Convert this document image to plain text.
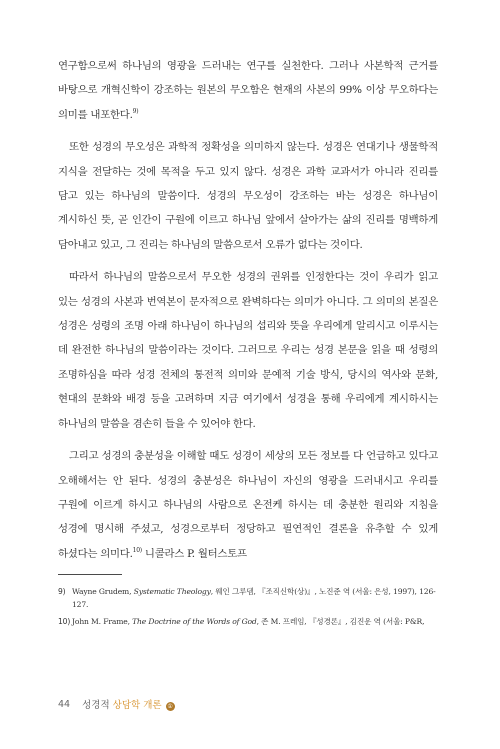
연구함으로써 하나님의 영광을 드러내는 연구를 실천한다. 그러나 사본학적 근거를 바탕으로 개혁신학이 강조하는 원본의 무오함은 현재의 사본의 99% 이상 무오하다는 의미를 내포한다.$^{9)}$

또한 성경의 무오성은 과학적 정확성을 의미하지 않는다. 성경은 연대기나 생물학적 지식을 전달하는 것에 목적을 두고 있지 않다. 성경은 과학 교과서가 아니라 진리를 담고 있는 하나님의 말씀이다. 성경의 무오성이 강조하는 바는 성경은 하나님이 계시하신 뜻, 곧 인간이 구원에 이르고 하나님 앞에서 살아가는 삶의 진리를 명백하게 담아내고 있고, 그 진리는 하나님의 말씀으로서 오류가 없다는 것이다.

따라서 하나님의 말씀으로서 무오한 성경의 권위를 인정한다는 것이 우리가 읽고 있는 성경의 사본과 번역본이 문자적으로 완벽하다는 의미가 아니다. 그 의미의 본질은 성경은 성령의 조명 아래 하나님이 하나님의 섭리와 뜻을 우리에게 알리시고 이루시는 데 완전한 하나님의 말씀이라는 것이다. 그러므로 우리는 성경 본문을 읽을 때 성령의 조명하심을 따라 성경 전체의 통전적 의미와 문예적 기술 방식, 당시의 역사와 문화, 현대의 문화와 배경 등을 고려하며 지금 여기에서 성경을 통해 우리에게 계시하시는 하나님의 말씀을 겸손히 들을 수 있어야 한다.

그리고 성경의 충분성을 이해할 때도 성경이 세상의 모든 정보를 다 언급하고 있다고 오해해서는 안 된다. 성경의 충분성은 하나님이 자신의 영광을 드러내시고 우리를 구원에 이르게 하시고 하나님의 사람으로 온전케 하시는 데 충분한 원리와 지침을 성경에 명시해 주셨고, 성경으로부터 정당하고 필연적인 결론을 유추할 수 있게 하셨다는 의미다.$^{10)}$ 니콜라스 P. 월터스토프

9) Wayne Grudem, Systematic Theology, 웨인 그루뎀, 『조직신학(상)』, 노진준 역 (서울: 은성, 1997), 126-127.
10) John M. Frame, The Doctrine of the Words of God, 존 M. 프레임, 『성경론』, 김진운 역 (서울: P&R,
44 성경적 상담학 개론 ①
